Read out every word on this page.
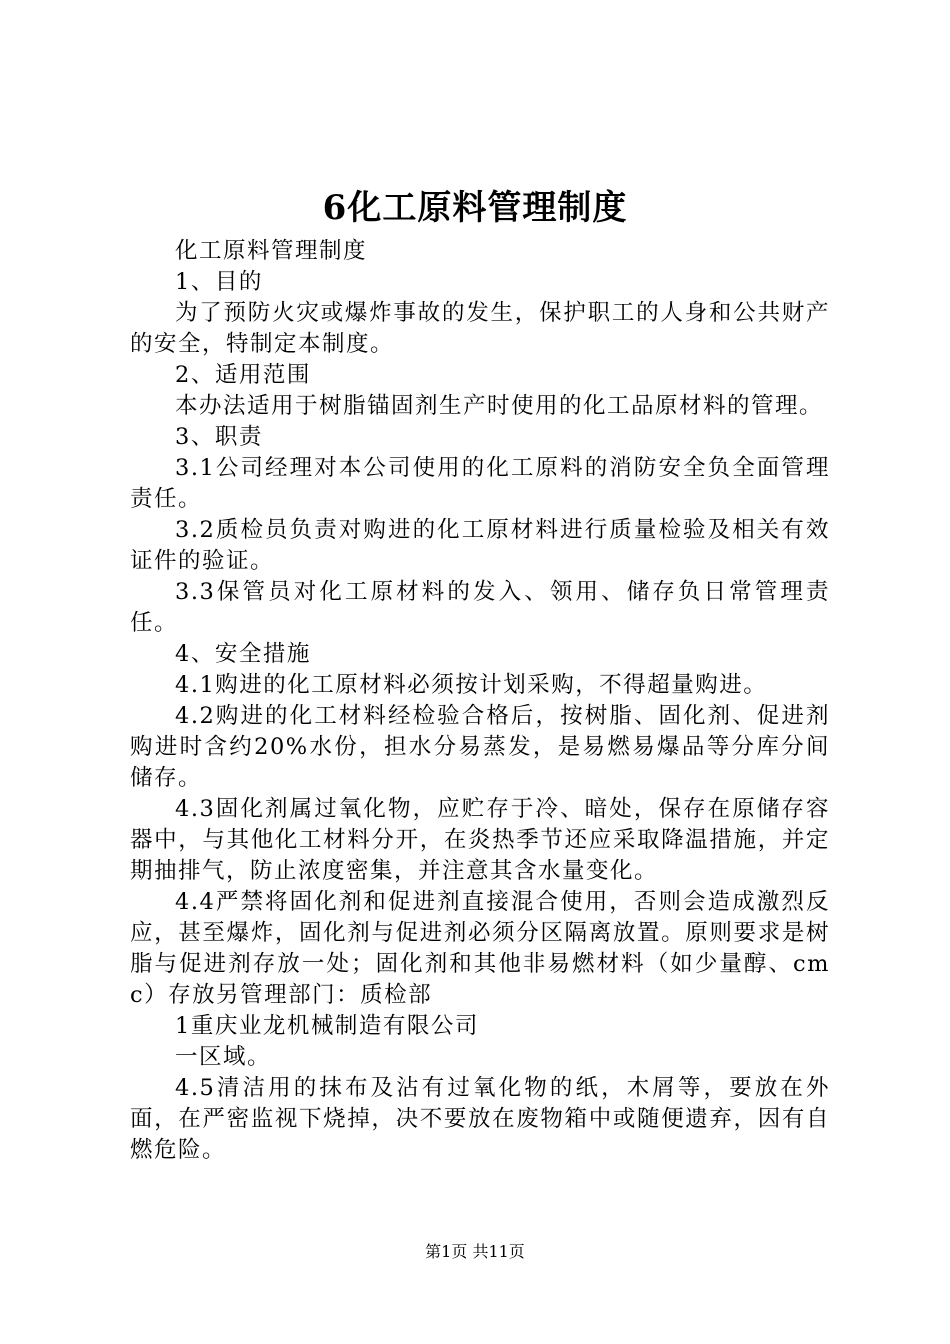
6化工原料管理制度

化工原料管理制度

1、目的

为了预防火灾或爆炸事故的发生，保护职工的人身和公共财产的安全，特制定本制度。

2、适用范围

本办法适用于树脂锚固剂生产时使用的化工品原材料的管理。

3、职责

3.1公司经理对本公司使用的化工原料的消防安全负全面管理责任。

3.2质检员负责对购进的化工原材料进行质量检验及相关有效证件的验证。

3.3保管员对化工原材料的发入、领用、储存负日常管理责任。

4、安全措施

4.1购进的化工原材料必须按计划采购，不得超量购进。

4.2购进的化工材料经检验合格后，按树脂、固化剂、促进剂购进时含约20%水份，担水分易蒸发，是易燃易爆品等分库分间储存。

4.3固化剂属过氧化物，应贮存于冷、暗处，保存在原储存容器中，与其他化工材料分开，在炎热季节还应采取降温措施，并定期抽排气，防止浓度密集，并注意其含水量变化。

4.4严禁将固化剂和促进剂直接混合使用，否则会造成激烈反应，甚至爆炸，固化剂与促进剂必须分区隔离放置。原则要求是树脂与促进剂存放一处；固化剂和其他非易燃材料（如少量醇、cmc）存放另管理部门：质检部

1重庆业龙机械制造有限公司

一区域。

4.5清洁用的抹布及沾有过氧化物的纸，木屑等，要放在外面，在严密监视下烧掉，决不要放在废物箱中或随便遗弃，因有自燃危险。

第1页 共11页
